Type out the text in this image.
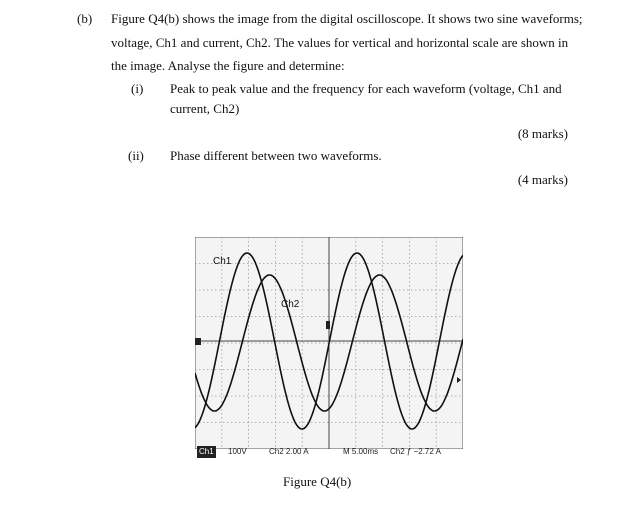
(b) Figure Q4(b) shows the image from the digital oscilloscope. It shows two sine waveforms;
voltage, Ch1 and current, Ch2. The values for vertical and horizontal scale are shown in
the image. Analyse the figure and determine:
(i) Peak to peak value and the frequency for each waveform (voltage, Ch1 and
current, Ch2)
(8 marks)
(ii) Phase different between two waveforms.
(4 marks)
Ch1
Ch2
Ch1 100V	Ch2 2.00 A	M 5.00ms Ch2 ƒ −2.72 A
Figure Q4(b)
